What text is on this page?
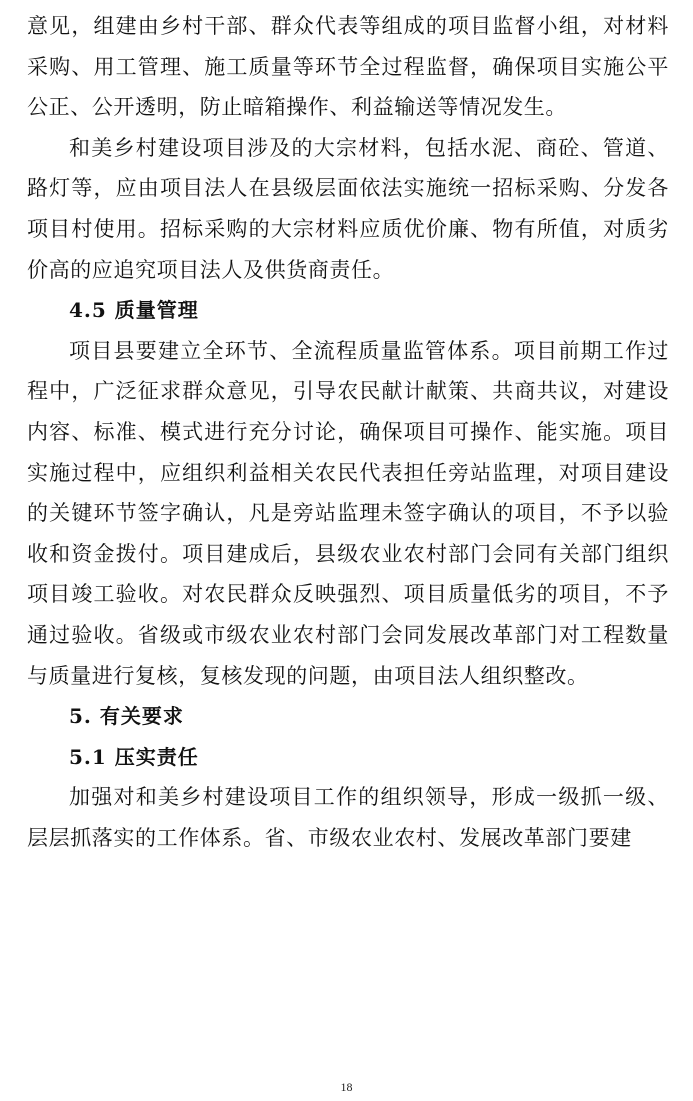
意见，组建由乡村干部、群众代表等组成的项目监督小组，对材料采购、用工管理、施工质量等环节全过程监督，确保项目实施公平公正、公开透明，防止暗箱操作、利益输送等情况发生。

和美乡村建设项目涉及的大宗材料，包括水泥、商砼、管道、路灯等，应由项目法人在县级层面依法实施统一招标采购、分发各项目村使用。招标采购的大宗材料应质优价廉、物有所值，对质劣价高的应追究项目法人及供货商责任。

4.5 质量管理

项目县要建立全环节、全流程质量监管体系。项目前期工作过程中，广泛征求群众意见，引导农民献计献策、共商共议，对建设内容、标准、模式进行充分讨论，确保项目可操作、能实施。项目实施过程中，应组织利益相关农民代表担任旁站监理，对项目建设的关键环节签字确认，凡是旁站监理未签字确认的项目，不予以验收和资金拨付。项目建成后，县级农业农村部门会同有关部门组织项目竣工验收。对农民群众反映强烈、项目质量低劣的项目，不予通过验收。省级或市级农业农村部门会同发展改革部门对工程数量与质量进行复核，复核发现的问题，由项目法人组织整改。

5. 有关要求
5.1 压实责任

加强对和美乡村建设项目工作的组织领导，形成一级抓一级、层层抓落实的工作体系。省、市级农业农村、发展改革部门要建

18
